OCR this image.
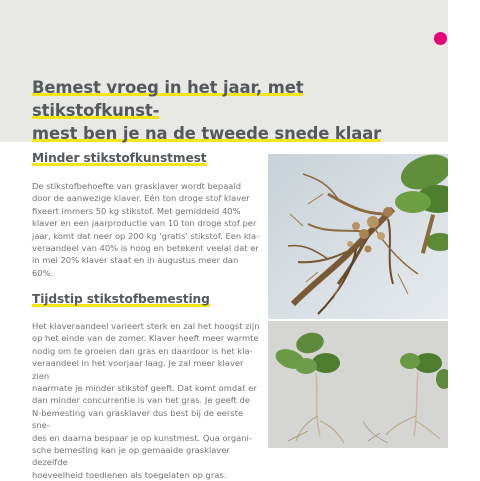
Bemest vroeg in het jaar, met stikstofkunst-
mest ben je na de tweede snede klaar
Minder stikstofkunstmest

De stikstofbehoefte van grasklaver wordt bepaald
door de aanwezige klaver. Eén ton droge stof klaver
fixeert immers 50 kg stikstof. Met gemiddeld 40%
klaver en een jaarproductie van 10 ton droge stof per
jaar, komt dat neer op 200 kg 'gratis' stikstof. Een kla-
veraandeel van 40% is hoog en betekent veelal dat er
in mei 20% klaver staat en in augustus meer dan 60%.

Tijdstip stikstofbemesting

Het klaveraandeel varieert sterk en zal het hoogst zijn
op het einde van de zomer. Klaver heeft meer warmte
nodig om te groeien dan gras en daardoor is het kla-
veraandeel in het voorjaar laag. Je zal meer klaver zien
naarmate je minder stikstof geeft. Dat komt omdat er
dan minder concurrentie is van het gras. Je geeft de
N-bemesting van grasklaver dus best bij de eerste sne-
des en daarna bespaar je op kunstmest. Qua organi-
sche bemesting kan je op gemaaide grasklaver dezelfde
hoeveelheid toedienen als toegelaten op gras.
